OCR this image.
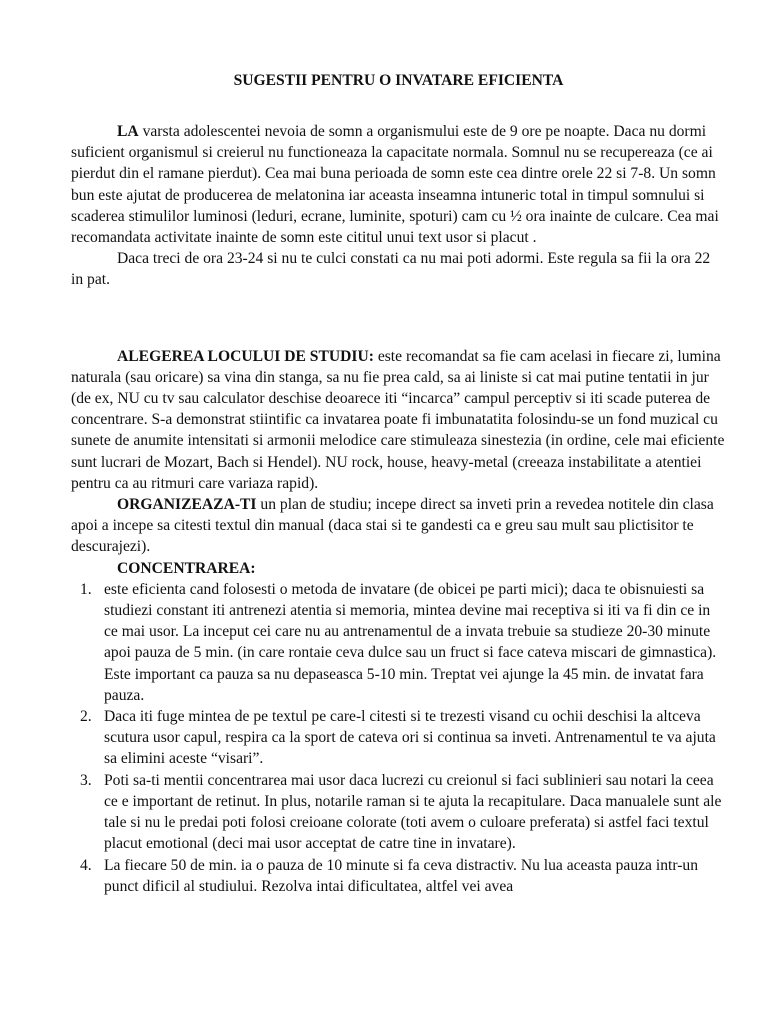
SUGESTII PENTRU O INVATARE EFICIENTA

LA varsta adolescentei nevoia de somn a organismului este de 9 ore pe noapte. Daca nu dormi suficient organismul si creierul nu functioneaza la capacitate normala. Somnul nu se recupereaza (ce ai pierdut din el ramane pierdut). Cea mai buna perioada de somn este cea dintre orele 22 si 7-8. Un somn bun este ajutat de producerea de melatonina iar aceasta inseamna intuneric total in timpul somnului si scaderea stimulilor luminosi (leduri, ecrane, luminite, spoturi) cam cu ½ ora inainte de culcare. Cea mai recomandata activitate inainte de somn este cititul unui text usor si placut .

Daca treci de ora 23-24 si nu te culci constati ca nu mai poti adormi. Este regula sa fii la ora 22 in pat.

ALEGEREA LOCULUI DE STUDIU: este recomandat sa fie cam acelasi in fiecare zi, lumina naturala (sau oricare) sa vina din stanga, sa nu fie prea cald, sa ai liniste si cat mai putine tentatii in jur (de ex, NU cu tv sau calculator deschise deoarece iti “incarca” campul perceptiv si iti scade puterea de concentrare. S-a demonstrat stiintific ca invatarea poate fi imbunatatita folosindu-se un fond muzical cu sunete de anumite intensitati si armonii melodice care stimuleaza sinestezia (in ordine, cele mai eficiente sunt lucrari de Mozart, Bach si Hendel). NU rock, house, heavy-metal (creeaza instabilitate a atentiei pentru ca au ritmuri care variaza rapid).

ORGANIZEAZA-TI un plan de studiu; incepe direct sa inveti prin a revedea notitele din clasa apoi a incepe sa citesti textul din manual (daca stai si te gandesti ca e greu sau mult sau plictisitor te descurajezi).

CONCENTRAREA:

1. este eficienta cand folosesti o metoda de invatare (de obicei pe parti mici); daca te obisnuiesti sa studiezi constant iti antrenezi atentia si memoria, mintea devine mai receptiva si iti va fi din ce in ce mai usor. La inceput cei care nu au antrenamentul de a invata trebuie sa studieze 20-30 minute apoi pauza de 5 min. (in care rontaie ceva dulce sau un fruct si face cateva miscari de gimnastica). Este important ca pauza sa nu depaseasca 5-10 min. Treptat vei ajunge la 45 min. de invatat fara pauza.
2. Daca iti fuge mintea de pe textul pe care-l citesti si te trezesti visand cu ochii deschisi la altceva scutura usor capul, respira ca la sport de cateva ori si continua sa inveti. Antrenamentul te va ajuta sa elimini aceste “visari”.
3. Poti sa-ti mentii concentrarea mai usor daca lucrezi cu creionul si faci sublinieri sau notari la ceea ce e important de retinut. In plus, notarile raman si te ajuta la recapitulare. Daca manualele sunt ale tale si nu le predai poti folosi creioane colorate (toti avem o culoare preferata) si astfel faci textul placut emotional (deci mai usor acceptat de catre tine in invatare).
4. La fiecare 50 de min. ia o pauza de 10 minute si fa ceva distractiv. Nu lua aceasta pauza intr-un punct dificil al studiului. Rezolva intai dificultatea, altfel vei avea
